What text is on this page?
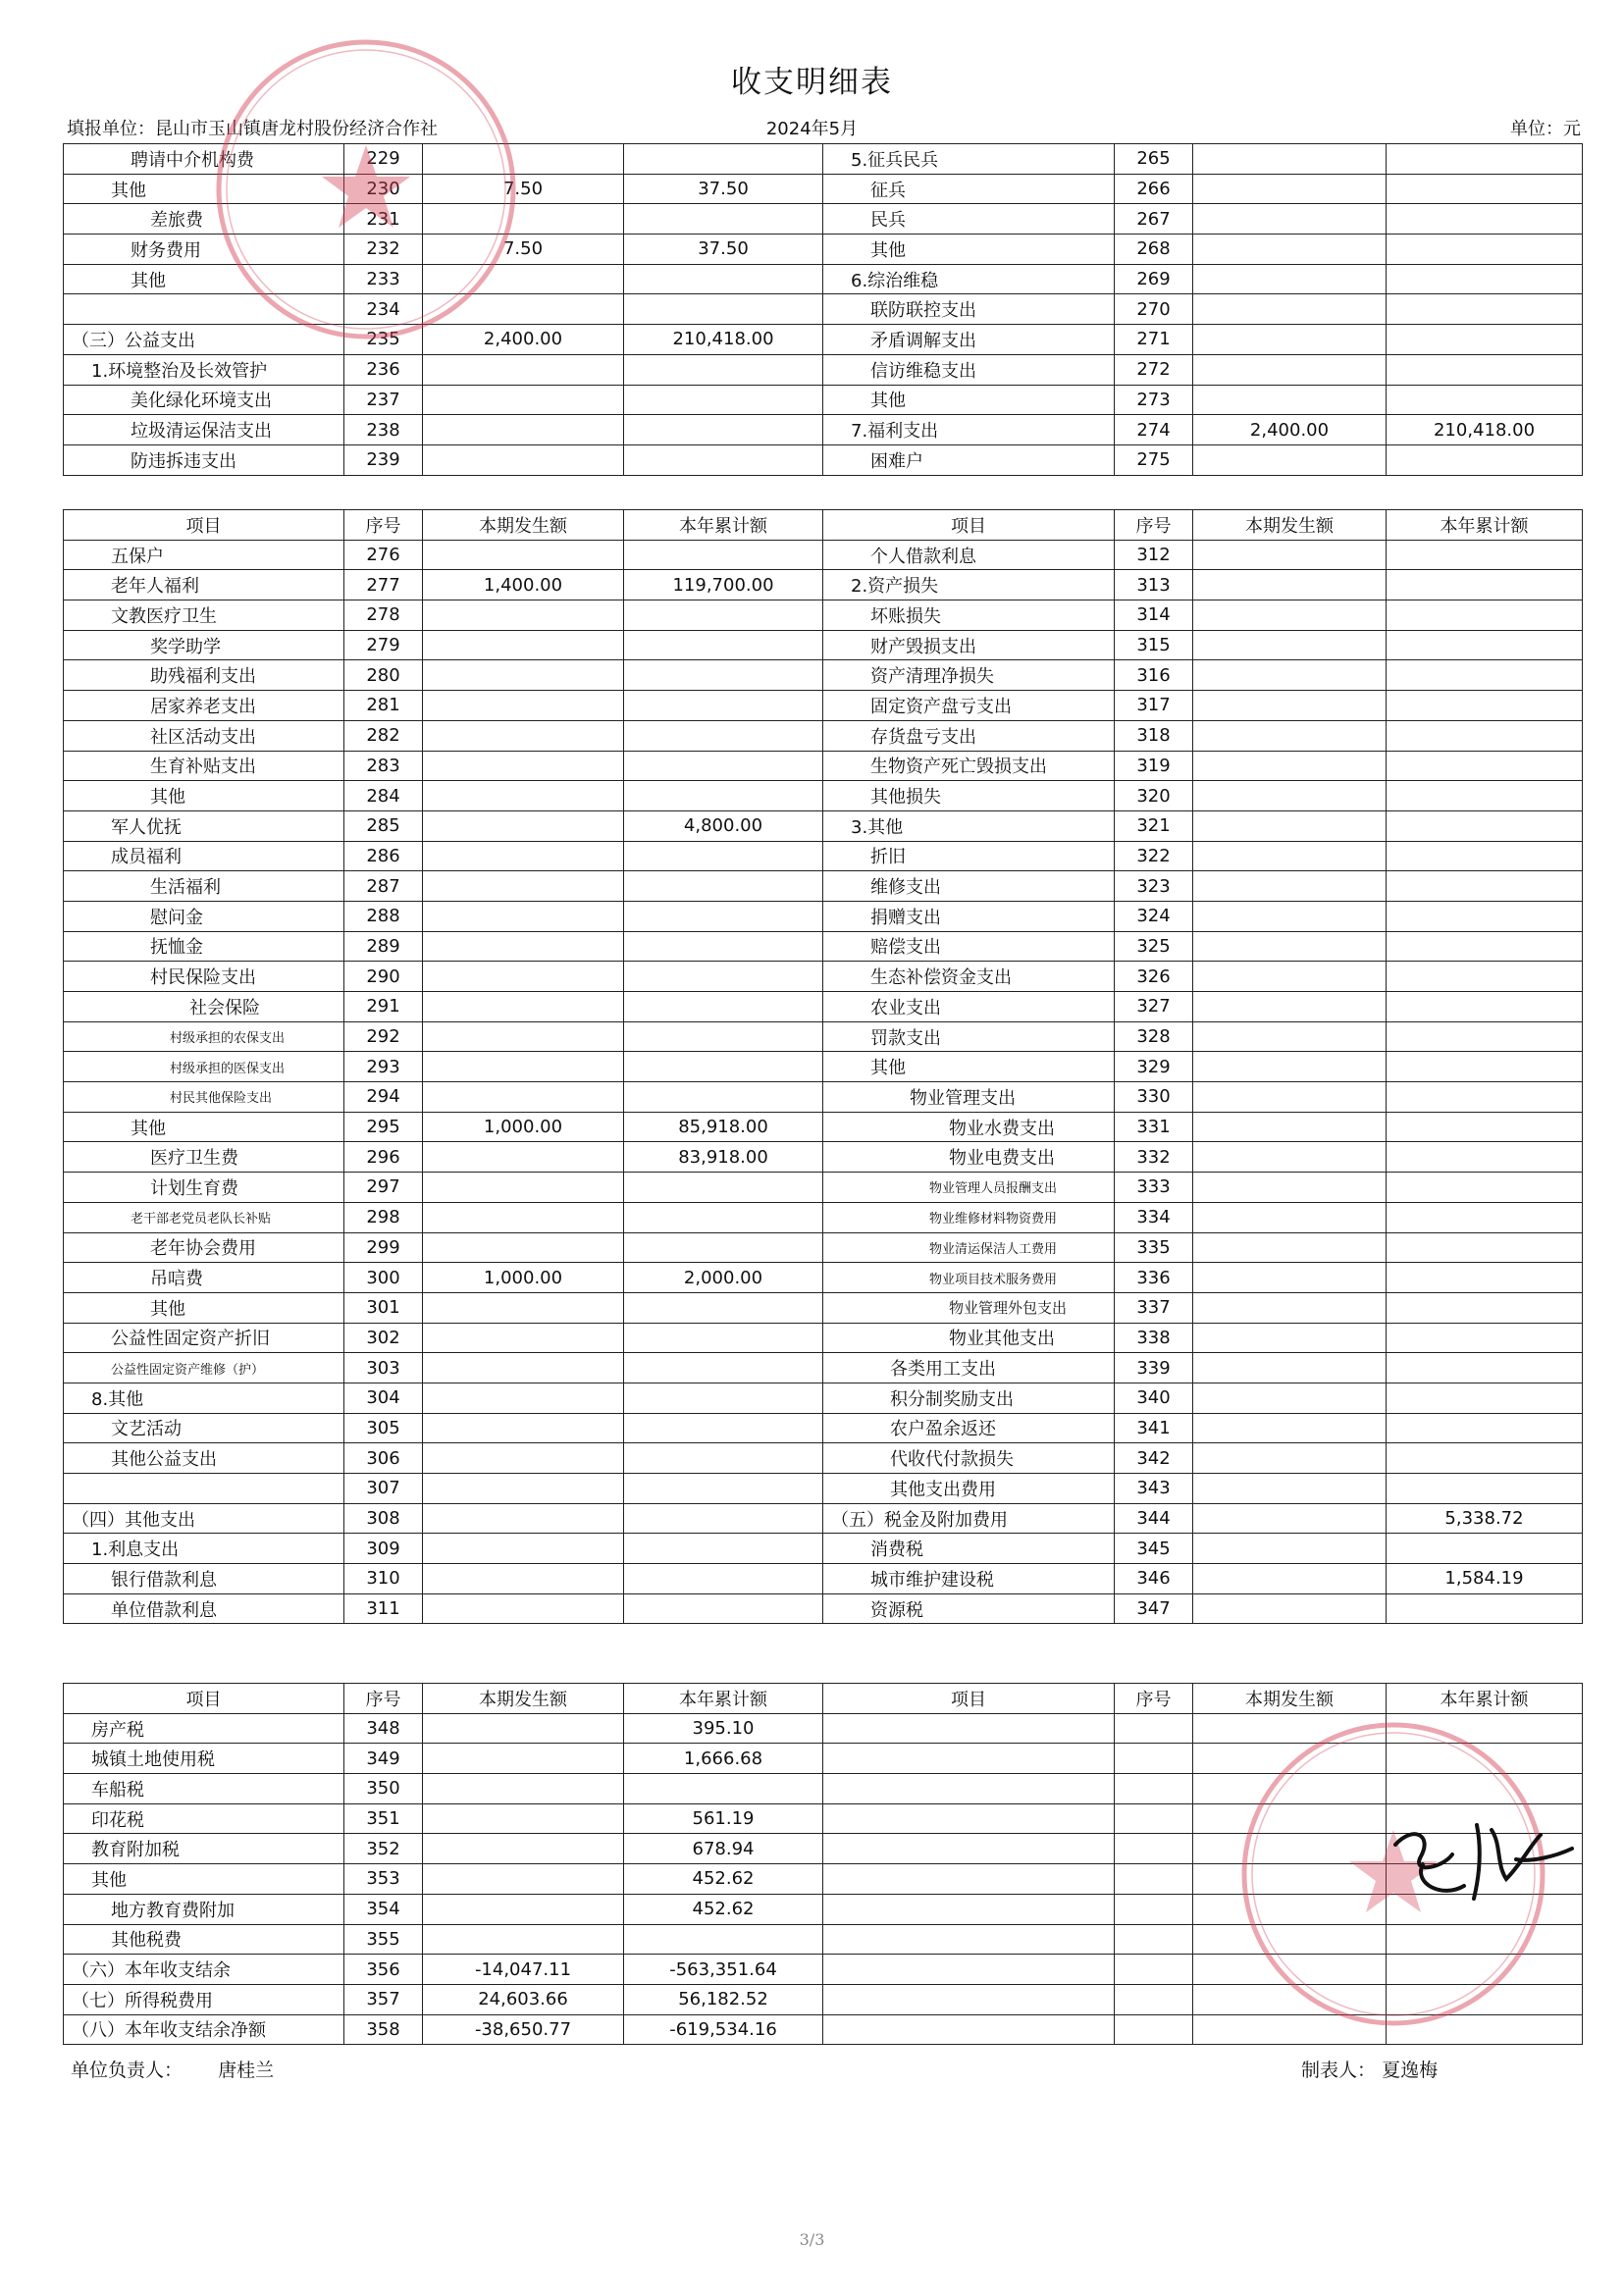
收支明细表
填报单位：昆山市玉山镇唐龙村股份经济合作社	2024年5月	单位：元
聘请中介机构费	229			5.征兵民兵	265		
其他	230	7.50	37.50	征兵	266		
差旅费	231			民兵	267		
财务费用	232	7.50	37.50	其他	268		
其他	233			6.综治维稳	269		
	234			联防联控支出	270		
（三）公益支出	235	2,400.00	210,418.00	矛盾调解支出	271		
1.环境整治及长效管护	236			信访维稳支出	272		
美化绿化环境支出	237			其他	273		
垃圾清运保洁支出	238			7.福利支出	274	2,400.00	210,418.00
防违拆违支出	239			困难户	275		
项目	序号	本期发生额	本年累计额	项目	序号	本期发生额	本年累计额
五保户	276			个人借款利息	312		
老年人福利	277	1,400.00	119,700.00	2.资产损失	313		
文教医疗卫生	278			坏账损失	314		
奖学助学	279			财产毁损支出	315		
助残福利支出	280			资产清理净损失	316		
居家养老支出	281			固定资产盘亏支出	317		
社区活动支出	282			存货盘亏支出	318		
生育补贴支出	283			生物资产死亡毁损支出	319		
其他	284			其他损失	320		
军人优抚	285		4,800.00	3.其他	321		
成员福利	286			折旧	322		
生活福利	287			维修支出	323		
慰问金	288			捐赠支出	324		
抚恤金	289			赔偿支出	325		
村民保险支出	290			生态补偿资金支出	326		
社会保险	291			农业支出	327		
村级承担的农保支出	292			罚款支出	328		
村级承担的医保支出	293			其他	329		
村民其他保险支出	294			物业管理支出	330		
其他	295	1,000.00	85,918.00	物业水费支出	331		
医疗卫生费	296		83,918.00	物业电费支出	332		
计划生育费	297			物业管理人员报酬支出	333		
老干部老党员老队长补贴	298			物业维修材料物资费用	334		
老年协会费用	299			物业清运保洁人工费用	335		
吊唁费	300	1,000.00	2,000.00	物业项目技术服务费用	336		
其他	301			物业管理外包支出	337		
公益性固定资产折旧	302			物业其他支出	338		
公益性固定资产维修（护）	303			各类用工支出	339		
8.其他	304			积分制奖励支出	340		
文艺活动	305			农户盈余返还	341		
其他公益支出	306			代收代付款损失	342		
	307			其他支出费用	343		
（四）其他支出	308			（五）税金及附加费用	344		5,338.72
1.利息支出	309			消费税	345		
银行借款利息	310			城市维护建设税	346		1,584.19
单位借款利息	311			资源税	347		
项目	序号	本期发生额	本年累计额	项目	序号	本期发生额	本年累计额
房产税	348		395.10				
城镇土地使用税	349		1,666.68				
车船税	350						
印花税	351		561.19				
教育附加税	352		678.94				
其他	353		452.62				
地方教育费附加	354		452.62				
其他税费	355						
（六）本年收支结余	356	-14,047.11	-563,351.64				
（七）所得税费用	357	24,603.66	56,182.52				
（八）本年收支结余净额	358	-38,650.77	-619,534.16				
单位负责人： 唐桂兰	制表人： 夏逸梅
3/3
